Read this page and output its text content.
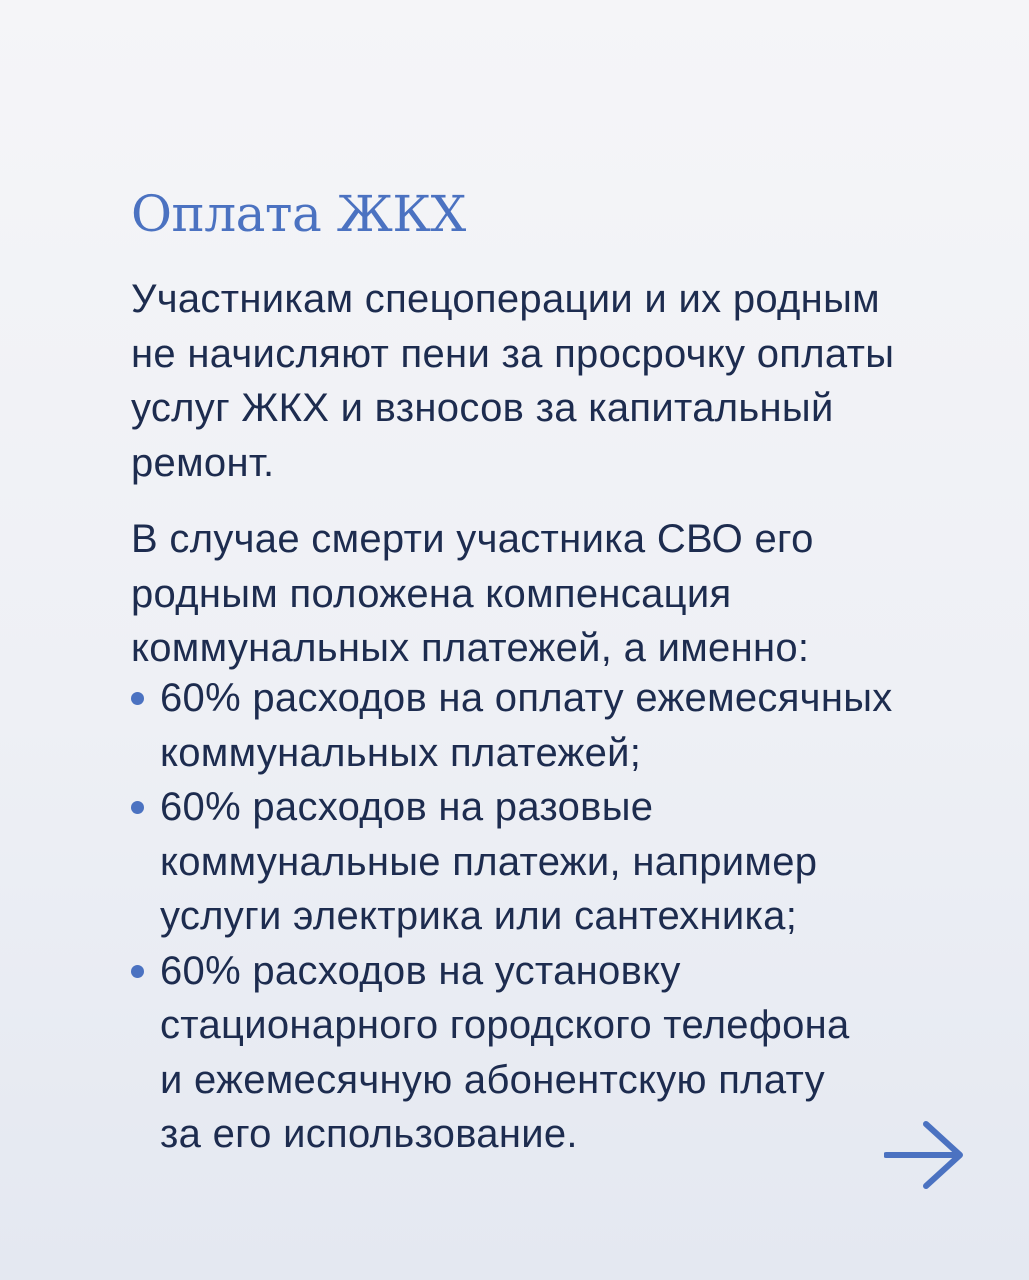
Оплата ЖКХ

Участникам спецоперации и их родным
не начисляют пени за просрочку оплаты
услуг ЖКХ и взносов за капитальный
ремонт.

В случае смерти участника СВО его
родным положена компенсация
коммунальных платежей, а именно:

60% расходов на оплату ежемесячных
коммунальных платежей;
60% расходов на разовые
коммунальные платежи, например
услуги электрика или сантехника;
60% расходов на установку
стационарного городского телефона
и ежемесячную абонентскую плату
за его использование.
